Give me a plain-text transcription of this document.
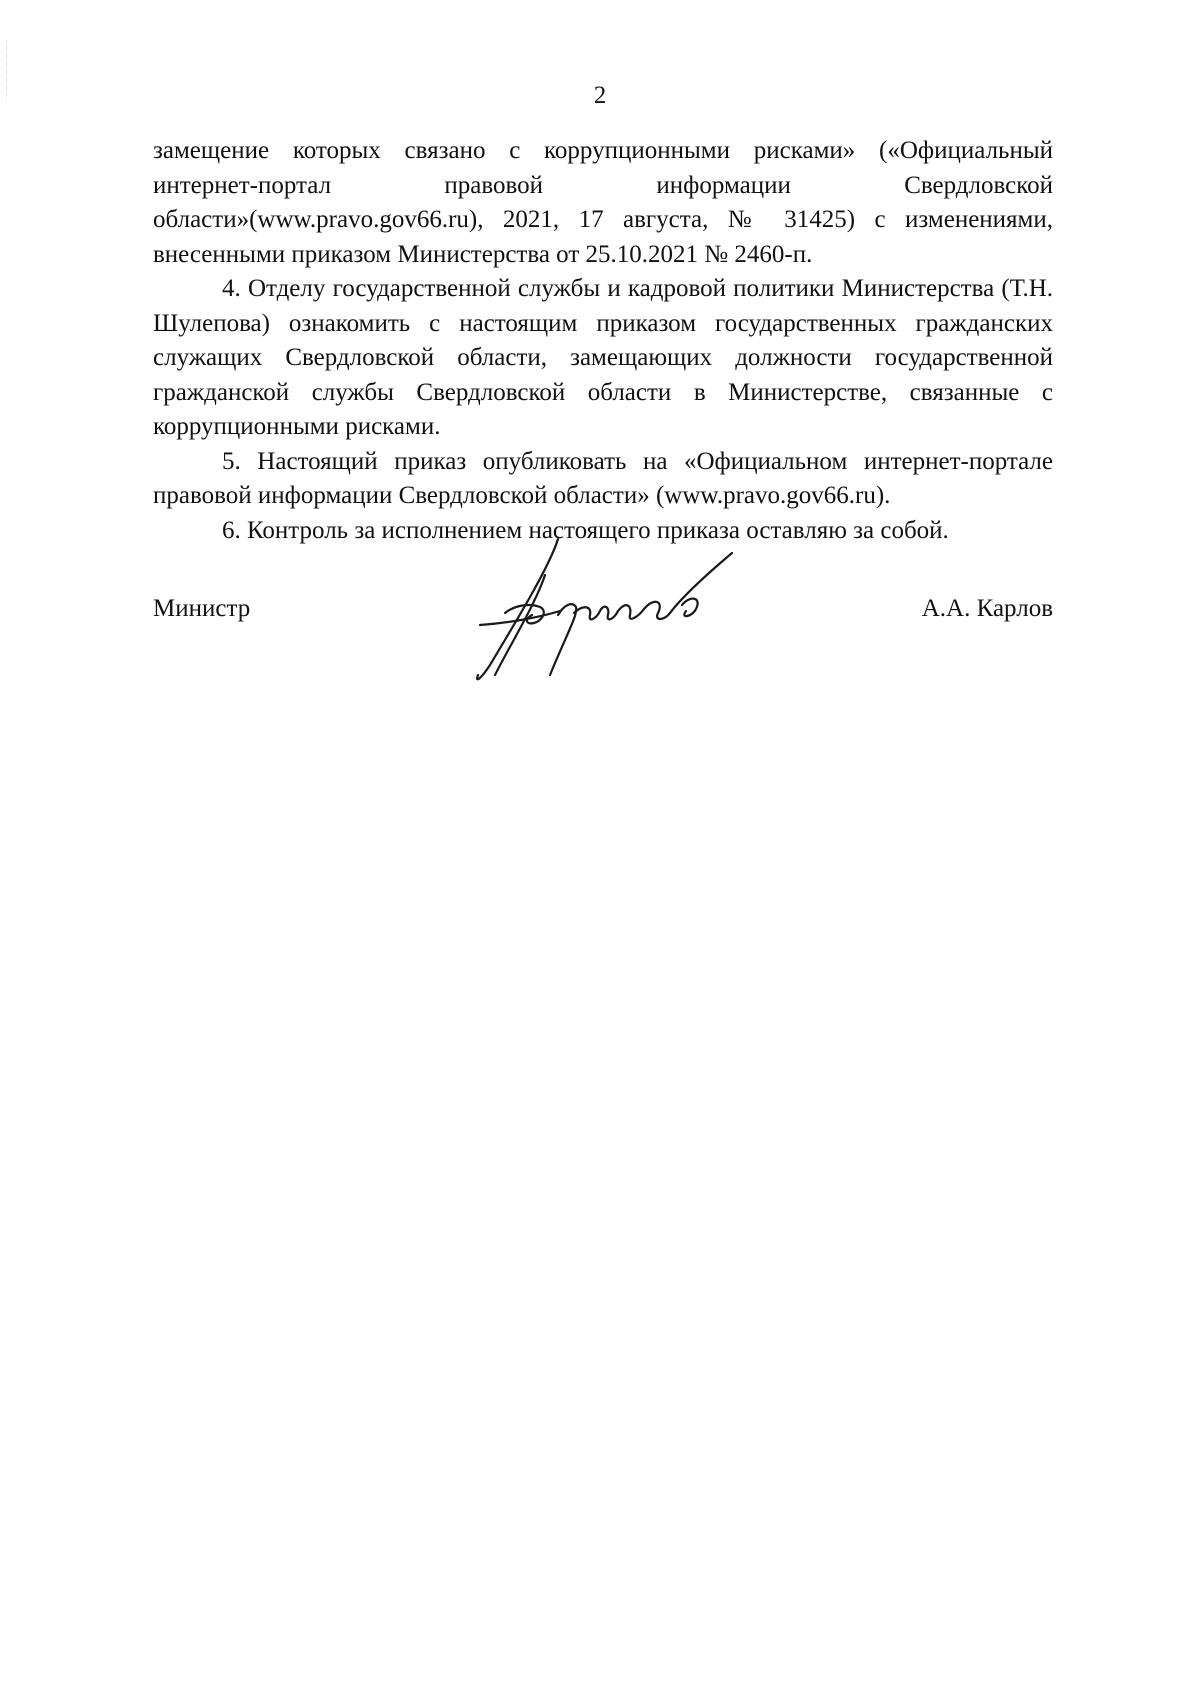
2

замещение которых связано с коррупционными рисками» («Официальный

интернет-портал правовой информации Свердловской

области»(www.pravo.gov66.ru), 2021, 17 августа, № 31425) с изменениями,

внесенными приказом Министерства от 25.10.2021 № 2460-п.

4. Отделу государственной службы и кадровой политики Министерства (Т.Н. Шулепова) ознакомить с настоящим приказом государственных гражданских служащих Свердловской области, замещающих должности государственной гражданской службы Свердловской области в Министерстве, связанные с коррупционными рисками.

5. Настоящий приказ опубликовать на «Официальном интернет-портале правовой информации Свердловской области» (www.pravo.gov66.ru).

6. Контроль за исполнением настоящего приказа оставляю за собой.

Министр	А.А. Карлов
